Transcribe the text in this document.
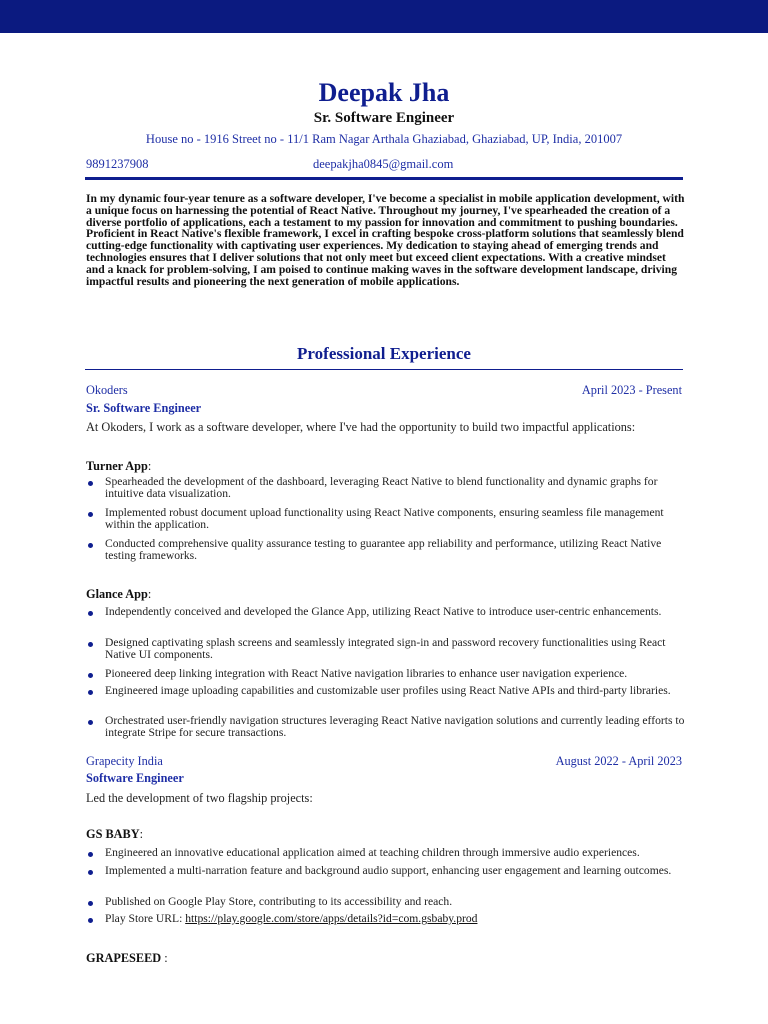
Deepak Jha
Sr. Software Engineer
House no - 1916 Street no - 11/1 Ram Nagar Arthala Ghaziabad, Ghaziabad, UP, India, 201007
9891237908	deepakjha0845@gmail.com
In my dynamic four-year tenure as a software developer, I've become a specialist in mobile application development, with a unique focus on harnessing the potential of React Native. Throughout my journey, I've spearheaded the creation of a diverse portfolio of applications, each a testament to my passion for innovation and commitment to pushing boundaries. Proficient in React Native's flexible framework, I excel in crafting bespoke cross-platform solutions that seamlessly blend cutting-edge functionality with captivating user experiences. My dedication to staying ahead of emerging trends and technologies ensures that I deliver solutions that not only meet but exceed client expectations. With a creative mindset and a knack for problem-solving, I am poised to continue making waves in the software development landscape, driving impactful results and pioneering the next generation of mobile applications.
Professional Experience
Okoders	April 2023 - Present
Sr. Software Engineer
At Okoders, I work as a software developer, where I've had the opportunity to build two impactful applications:
Turner App:
Spearheaded the development of the dashboard, leveraging React Native to blend functionality and dynamic graphs for intuitive data visualization.
Implemented robust document upload functionality using React Native components, ensuring seamless file management within the application.
Conducted comprehensive quality assurance testing to guarantee app reliability and performance, utilizing React Native testing frameworks.
Glance App:
Independently conceived and developed the Glance App, utilizing React Native to introduce user-centric enhancements.
Designed captivating splash screens and seamlessly integrated sign-in and password recovery functionalities using React Native UI components.
Pioneered deep linking integration with React Native navigation libraries to enhance user navigation experience.
Engineered image uploading capabilities and customizable user profiles using React Native APIs and third-party libraries.
Orchestrated user-friendly navigation structures leveraging React Native navigation solutions and currently leading efforts to integrate Stripe for secure transactions.
Grapecity India	August 2022 - April 2023
Software Engineer
Led the development of two flagship projects:
GS BABY:
Engineered an innovative educational application aimed at teaching children through immersive audio experiences.
Implemented a multi-narration feature and background audio support, enhancing user engagement and learning outcomes.
Published on Google Play Store, contributing to its accessibility and reach.
Play Store URL: https://play.google.com/store/apps/details?id=com.gsbaby.prod
GRAPESEED :
